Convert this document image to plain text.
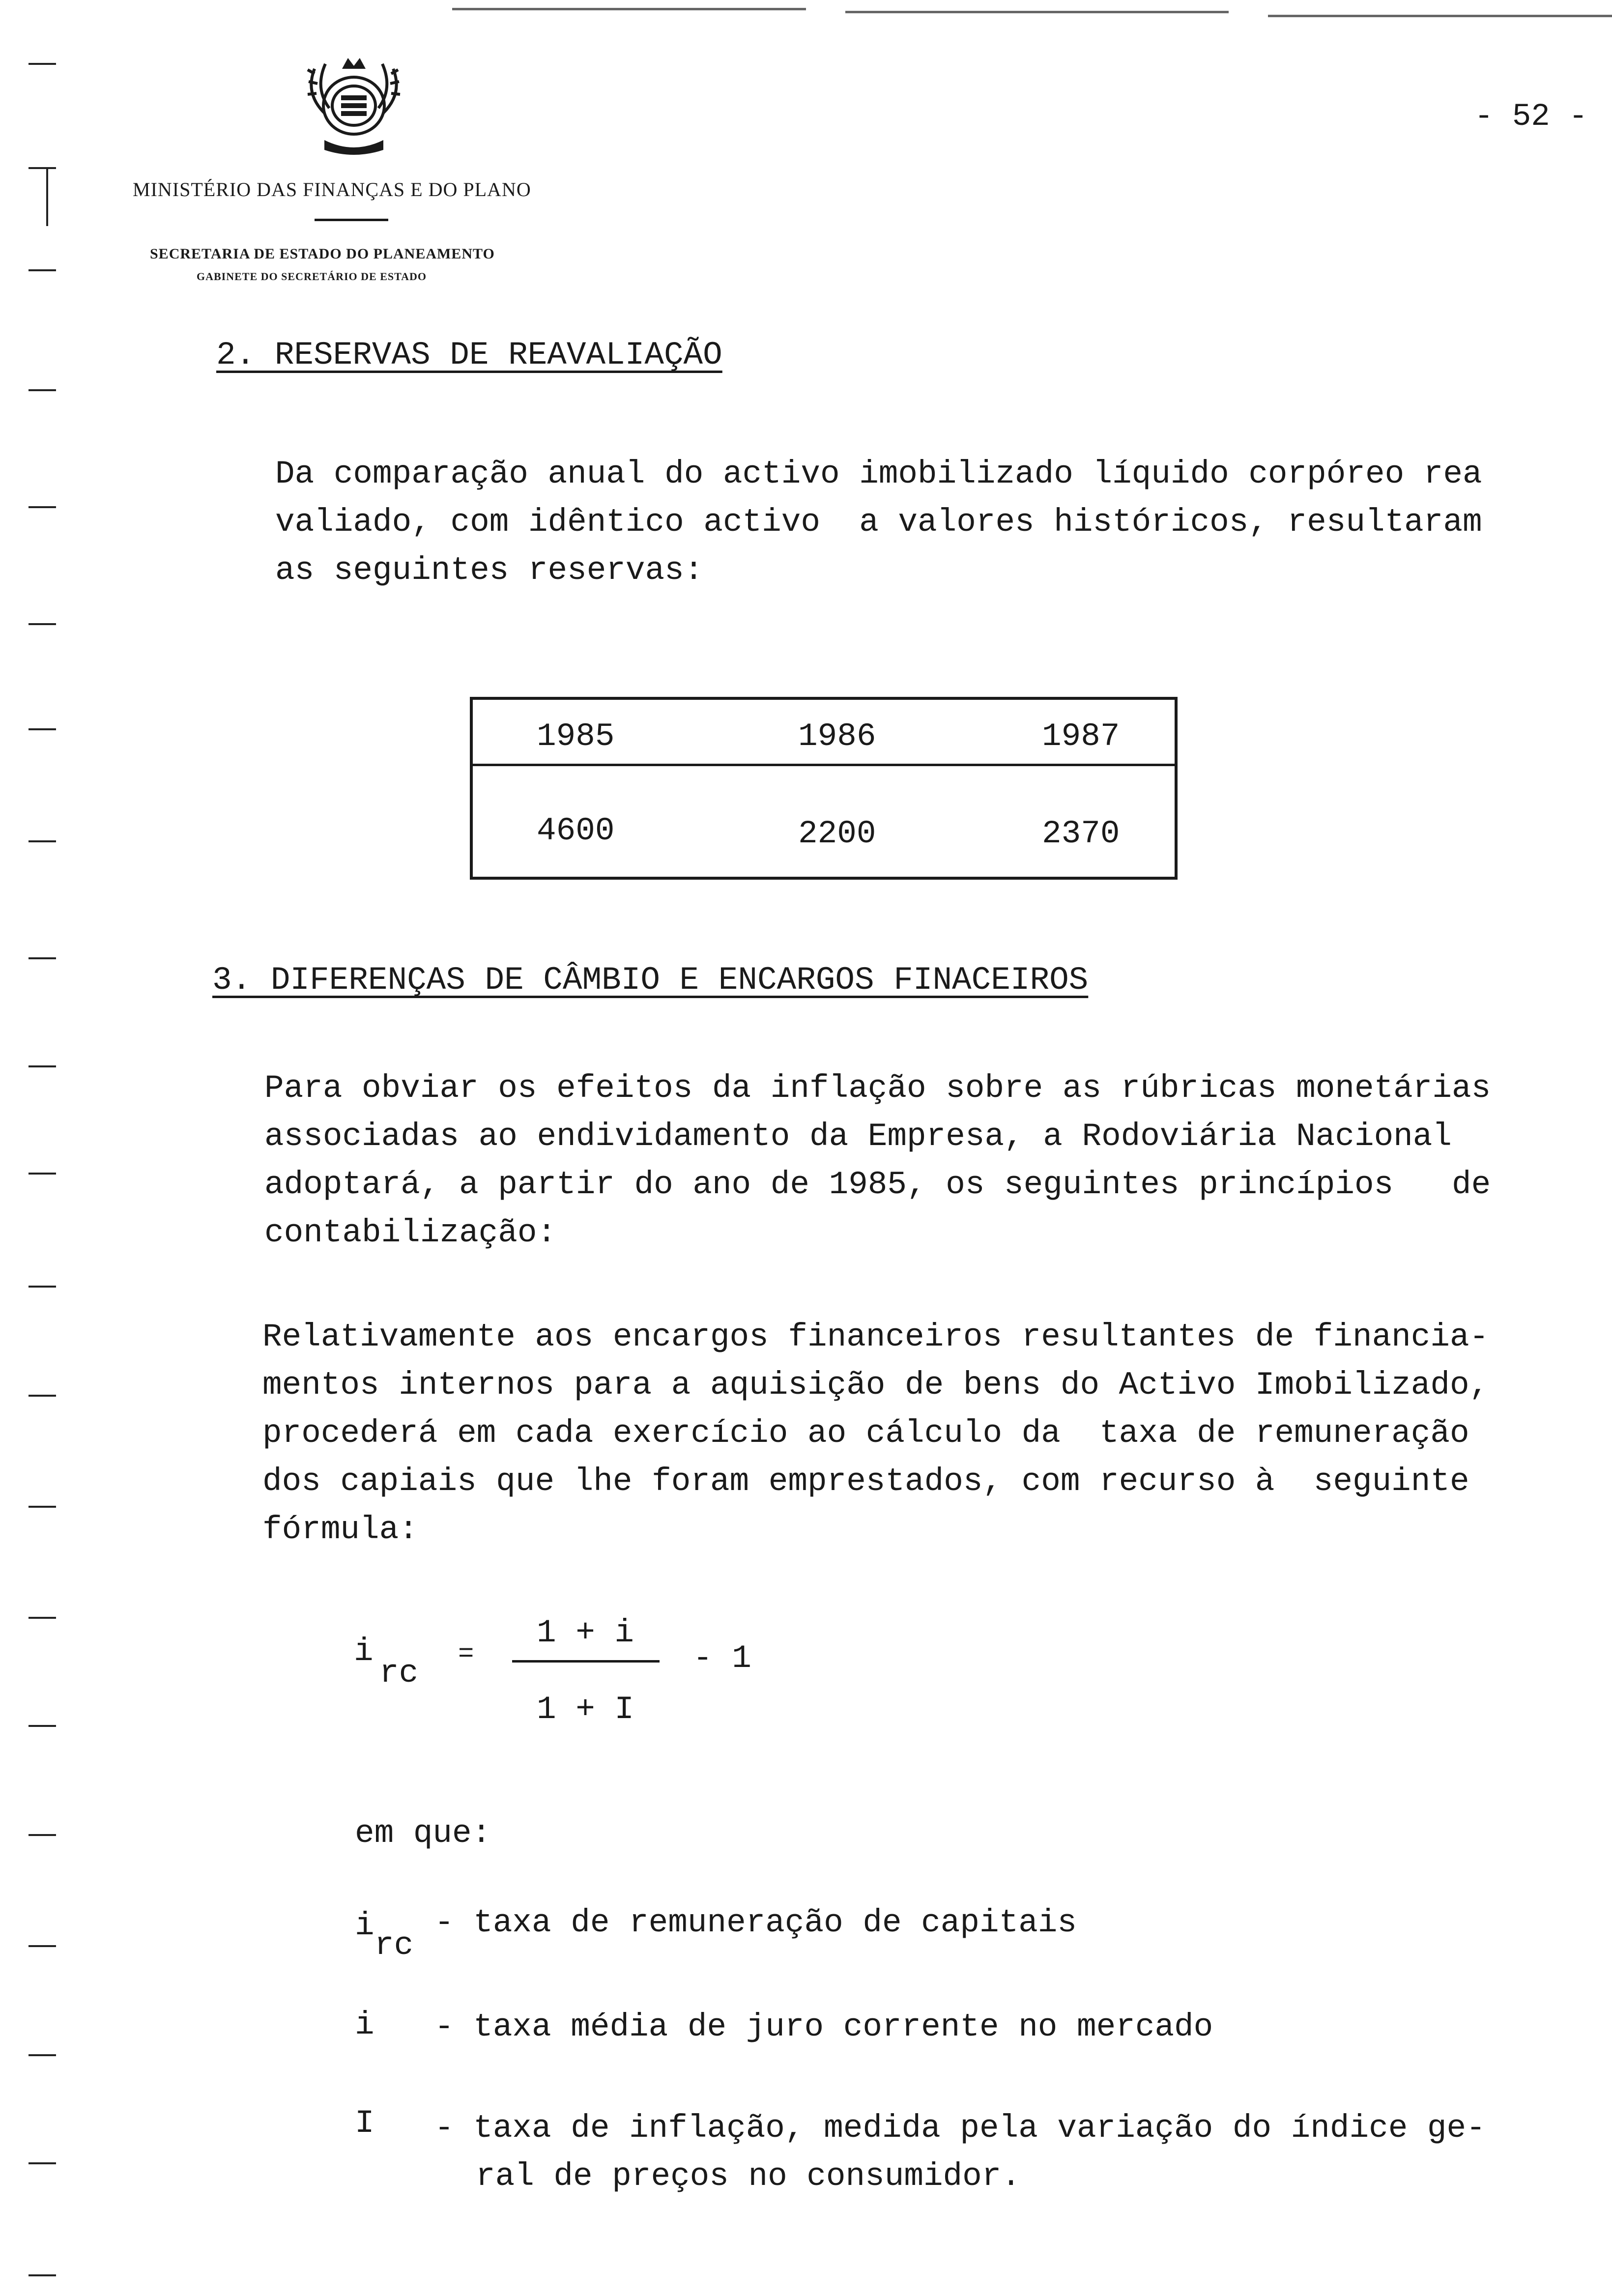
MINISTÉRIO DAS FINANÇAS E DO PLANO
SECRETARIA DE ESTADO DO PLANEAMENTO
GABINETE DO SECRETÁRIO DE ESTADO
- 52 -
2. RESERVAS DE REAVALIAÇÃO
Da comparação anual do activo imobilizado líquido corpóreo rea
valiado, com idêntico activo  a valores históricos, resultaram
as seguintes reservas:
1985	1986	1987
4600	2200	2370
3. DIFERENÇAS DE CÂMBIO E ENCARGOS FINACEIROS
Para obviar os efeitos da inflação sobre as rúbricas monetárias
associadas ao endividamento da Empresa, a Rodoviária Nacional
adoptará, a partir do ano de 1985, os seguintes princípios   de
contabilização:
Relativamente aos encargos financeiros resultantes de financia-
mentos internos para a aquisição de bens do Activo Imobilizado,
procederá em cada exercício ao cálculo da  taxa de remuneração
dos capiais que lhe foram emprestados, com recurso à  seguinte
fórmula:
i
rc
=
1 + i
1 + I
- 1
em que:
i
rc
- taxa de remuneração de capitais
i - taxa média de juro corrente no mercado
I - taxa de inflação, medida pela variação do índice ge-
ral de preços no consumidor.
